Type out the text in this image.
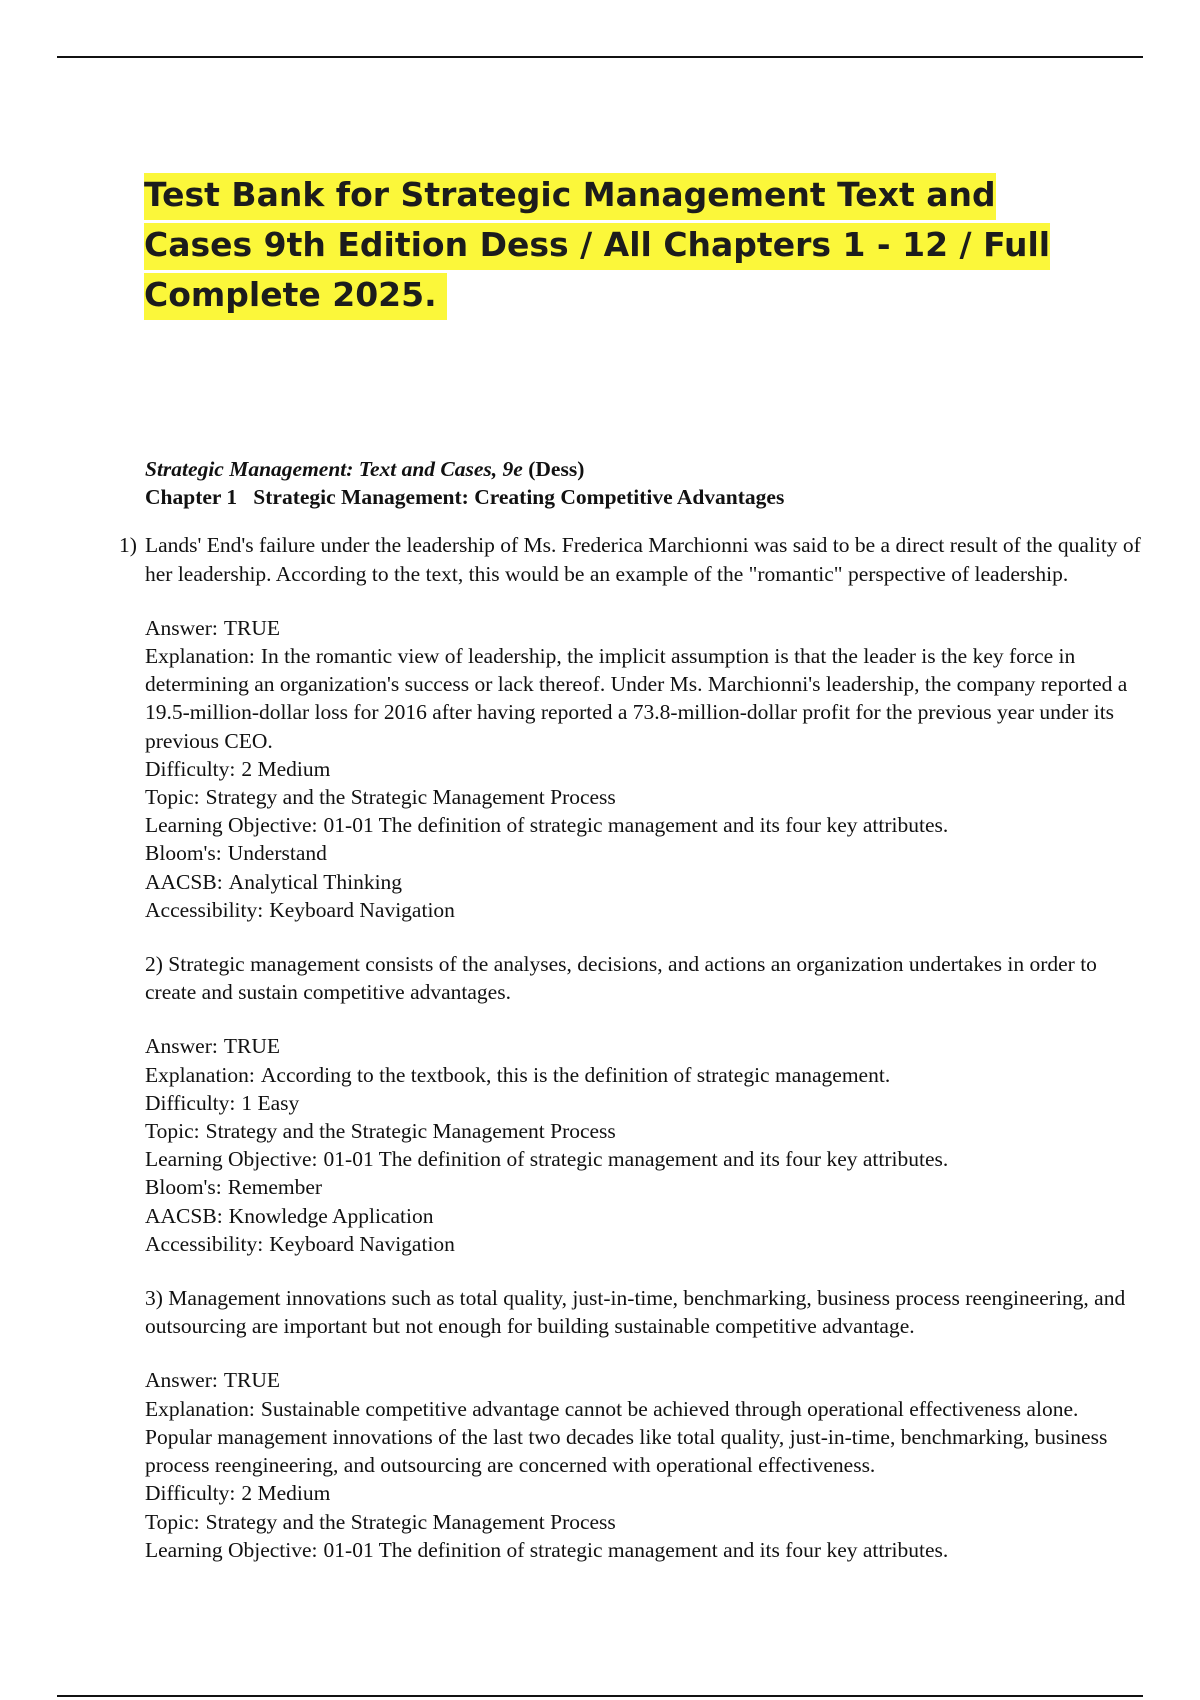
Test Bank for Strategic Management Text and Cases 9th Edition Dess / All Chapters 1 - 12 / Full Complete 2025.
Strategic Management: Text and Cases, 9e (Dess)
Chapter 1   Strategic Management: Creating Competitive Advantages
1) Lands' End's failure under the leadership of Ms. Frederica Marchionni was said to be a direct result of the quality of her leadership. According to the text, this would be an example of the "romantic" perspective of leadership.
Answer: TRUE
Explanation: In the romantic view of leadership, the implicit assumption is that the leader is the key force in determining an organization's success or lack thereof. Under Ms. Marchionni's leadership, the company reported a 19.5-million-dollar loss for 2016 after having reported a 73.8-million-dollar profit for the previous year under its previous CEO.
Difficulty: 2 Medium
Topic: Strategy and the Strategic Management Process
Learning Objective: 01-01 The definition of strategic management and its four key attributes.
Bloom's: Understand
AACSB: Analytical Thinking
Accessibility: Keyboard Navigation
2) Strategic management consists of the analyses, decisions, and actions an organization undertakes in order to create and sustain competitive advantages.
Answer: TRUE
Explanation: According to the textbook, this is the definition of strategic management.
Difficulty: 1 Easy
Topic: Strategy and the Strategic Management Process
Learning Objective: 01-01 The definition of strategic management and its four key attributes.
Bloom's: Remember
AACSB: Knowledge Application
Accessibility: Keyboard Navigation
3) Management innovations such as total quality, just-in-time, benchmarking, business process reengineering, and outsourcing are important but not enough for building sustainable competitive advantage.
Answer: TRUE
Explanation: Sustainable competitive advantage cannot be achieved through operational effectiveness alone. Popular management innovations of the last two decades like total quality, just-in-time, benchmarking, business process reengineering, and outsourcing are concerned with operational effectiveness.
Difficulty: 2 Medium
Topic: Strategy and the Strategic Management Process
Learning Objective: 01-01 The definition of strategic management and its four key attributes.
